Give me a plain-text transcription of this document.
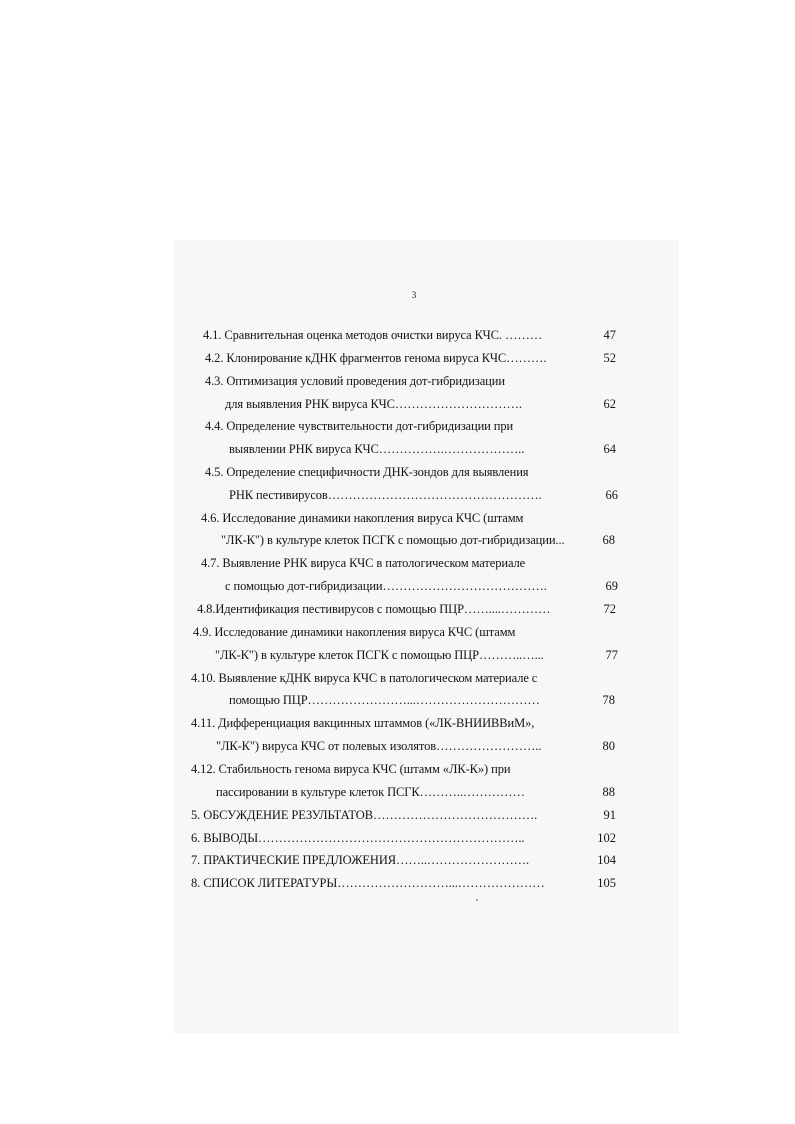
3
4.1. Сравнительная оценка методов очистки вируса КЧС. ………	47
4.2. Клонирование кДНК фрагментов генома вируса КЧС……….	52
4.3. Оптимизация условий проведения дот-гибридизации
для выявления РНК вируса КЧС………………………….	62
4.4. Определение чувствительности дот-гибридизации при
выявлении РНК вируса КЧС…………….………………..	64
4.5. Определение специфичности ДНК-зондов для выявления
РНК пестивирусов…………………………………………….	66
4.6. Исследование динамики накопления вируса КЧС (штамм
"ЛК-К") в культуре клеток ПСГК с помощью дот-гибридизации...	68
4.7. Выявление РНК вируса КЧС в патологическом материале
с помощью дот-гибридизации………………………………….	69
4.8.Идентификация пестивирусов с помощью ПЦР……....…………	72
4.9. Исследование динамики накопления вируса КЧС (штамм
"ЛК-К") в культуре клеток ПСГК с помощью ПЦР………..…...	77
4.10. Выявление кДНК вируса КЧС в патологическом материале с
помощью ПЦР……………………...…………………………	78
4.11. Дифференциация вакцинных штаммов («ЛК-ВНИИВВиМ»,
"ЛК-К") вируса КЧС от полевых изолятов……………………..	80
4.12. Стабильность генома вируса КЧС (штамм «ЛК-К») при
пассировании в культуре клеток ПСГК………..……………	88
5. ОБСУЖДЕНИЕ РЕЗУЛЬТАТОВ………………………………….	91
6. ВЫВОДЫ………………………………………………………..	102
7. ПРАКТИЧЕСКИЕ ПРЕДЛОЖЕНИЯ……..…………………….	104
8. СПИСОК ЛИТЕРАТУРЫ………………………...…………………	105
